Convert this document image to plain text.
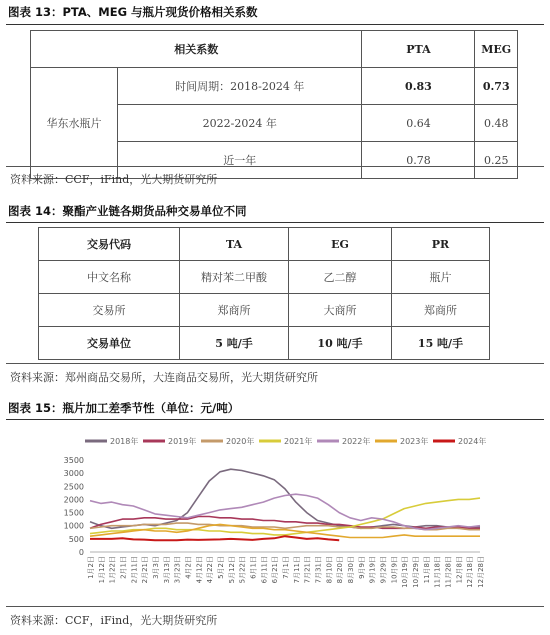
图表 13：PTA、MEG 与瓶片现货价格相关系数
相关系数		PTA	MEG
华东水瓶片	时间周期：2018-2024 年	0.83	0.73
	2022-2024 年	0.64	0.48
	近一年	0.78	0.25
资料来源：CCF，iFind，光大期货研究所
图表 14：聚酯产业链各期货品种交易单位不同
交易代码	TA	EG	PR
中文名称	精对苯二甲酸	乙二醇	瓶片
交易所	郑商所	大商所	郑商所
交易单位	5 吨/手	10 吨/手	15 吨/手
资料来源：郑州商品交易所，大连商品交易所，光大期货研究所
图表 15：瓶片加工差季节性（单位：元/吨）
2018年	2019年	2020年	2021年	2022年	2023年	2024年
3500
3000
2500
2000
1500
1000
500
0
1月2日 1月12日 1月22日 2月1日 2月11日 2月21日 3月3日 3月13日 3月23日 4月2日 4月12日 4月22日 5月2日 5月12日 5月22日 6月1日 6月11日 6月21日 7月1日 7月11日 7月21日 7月31日 8月10日 8月20日 8月30日 9月9日 9月19日 9月29日 10月9日 10月19日 10月29日 11月8日 11月18日 11月28日 12月8日 12月18日 12月28日
资料来源：CCF，iFind，光大期货研究所
